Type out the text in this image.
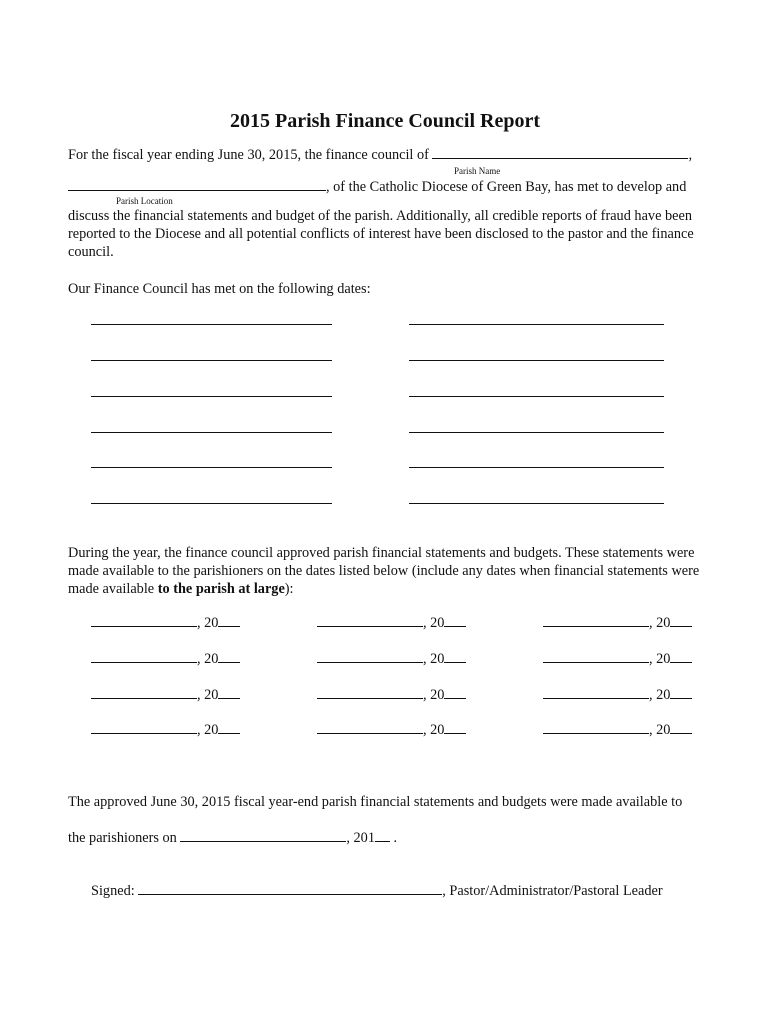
2015 Parish Finance Council Report
For the fiscal year ending June 30, 2015, the finance council of	,
Parish Name
, of the Catholic Diocese of Green Bay, has met to develop and
Parish Location
discuss the financial statements and budget of the parish. Additionally, all credible reports of fraud have been reported to the Diocese and all potential conflicts of interest have been disclosed to the pastor and the finance council.
Our Finance Council has met on the following dates:
During the year, the finance council approved parish financial statements and budgets. These statements were made available to the parishioners on the dates listed below (include any dates when financial statements were made available to the parish at large):
, 20	, 20	, 20
, 20	, 20	, 20
, 20	, 20	, 20
, 20	, 20	, 20
The approved June 30, 2015 fiscal year-end parish financial statements and budgets were made available to
the parishioners on	, 201 .
Signed:	, Pastor/Administrator/Pastoral Leader
